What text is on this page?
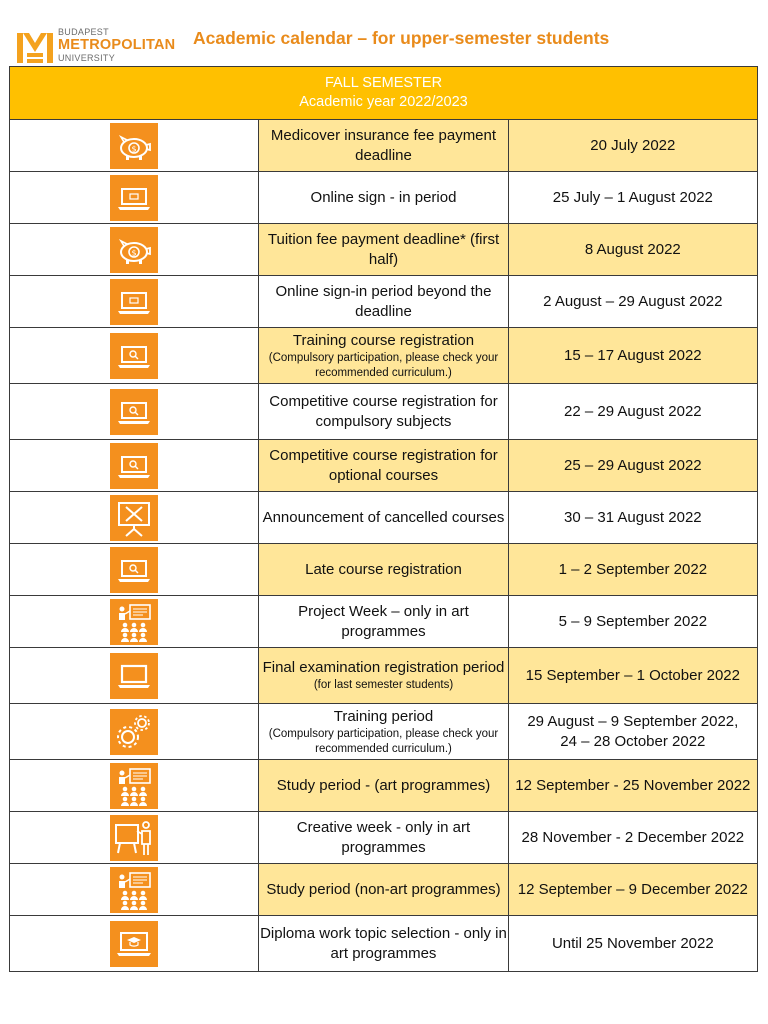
BUDAPEST
METROPOLITAN
UNIVERSITY
Academic calendar – for upper-semester students
FALL SEMESTER
Academic year 2022/2023		

$	Medicover insurance fee payment deadline	20 July 2022

Online sign - in period	25 July – 1 August 2022

$	Tuition fee payment deadline* (first half)	8 August 2022

Online sign-in period beyond the deadline	2 August – 29 August 2022

Training course registration
(Compulsory participation, please check your recommended curriculum.)	15 – 17 August 2022

Competitive course registration for compulsory subjects	22 – 29 August 2022

Competitive course registration for optional courses	25 – 29 August 2022

Announcement of cancelled courses	30 – 31 August 2022

Late course registration	1 – 2 September 2022

Project Week – only in art programmes	5 – 9 September 2022

Final examination registration period
(for last semester students)	15 September – 1 October 2022

Training period
(Compulsory participation, please check your recommended curriculum.)	29 August – 9 September 2022,
24 – 28 October 2022

Study period - (art programmes)	12 September - 25 November 2022

Creative week - only in art programmes	28 November - 2 December 2022

Study period (non-art programmes)	12 September – 9 December 2022

Diploma work topic selection - only in art programmes	Until 25 November 2022
